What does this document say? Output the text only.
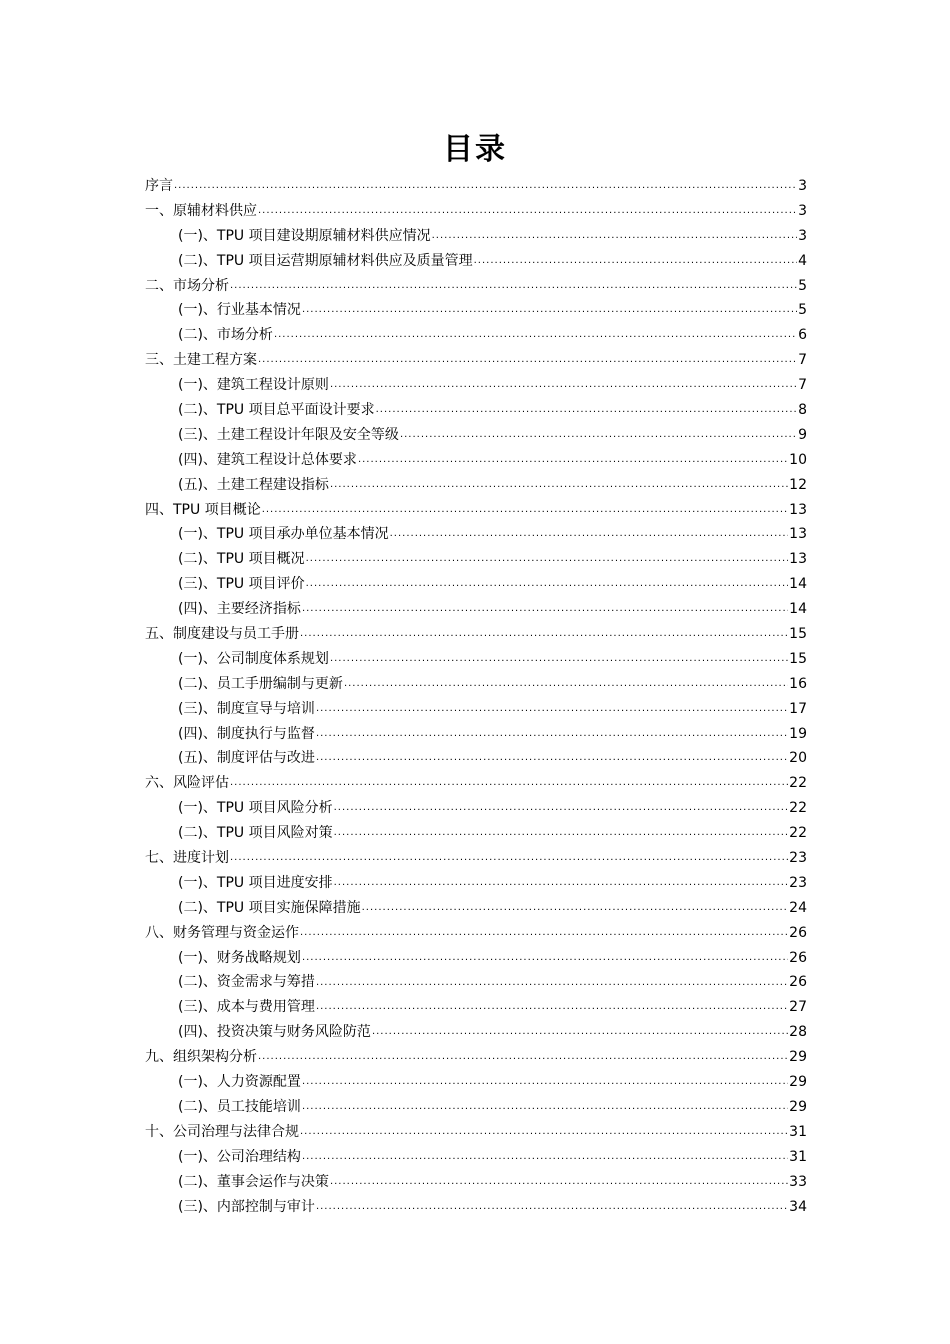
目录
序言 .....	3
一、原辅材料供应 .....	3
(一)、TPU 项目建设期原辅材料供应情况 .....	3
(二)、TPU 项目运营期原辅材料供应及质量管理 .....	4
二、市场分析 .....	5
(一)、行业基本情况 .....	5
(二)、市场分析 .....	6
三、土建工程方案 .....	7
(一)、建筑工程设计原则 .....	7
(二)、TPU 项目总平面设计要求 .....	8
(三)、土建工程设计年限及安全等级 .....	9
(四)、建筑工程设计总体要求 .....	10
(五)、土建工程建设指标 .....	12
四、TPU 项目概论 .....	13
(一)、TPU 项目承办单位基本情况 .....	13
(二)、TPU 项目概况 .....	13
(三)、TPU 项目评价 .....	14
(四)、主要经济指标 .....	14
五、制度建设与员工手册 .....	15
(一)、公司制度体系规划 .....	15
(二)、员工手册编制与更新 .....	16
(三)、制度宣导与培训 .....	17
(四)、制度执行与监督 .....	19
(五)、制度评估与改进 .....	20
六、风险评估 .....	22
(一)、TPU 项目风险分析 .....	22
(二)、TPU 项目风险对策 .....	22
七、进度计划 .....	23
(一)、TPU 项目进度安排 .....	23
(二)、TPU 项目实施保障措施 .....	24
八、财务管理与资金运作 .....	26
(一)、财务战略规划 .....	26
(二)、资金需求与筹措 .....	26
(三)、成本与费用管理 .....	27
(四)、投资决策与财务风险防范 .....	28
九、组织架构分析 .....	29
(一)、人力资源配置 .....	29
(二)、员工技能培训 .....	29
十、公司治理与法律合规 .....	31
(一)、公司治理结构 .....	31
(二)、董事会运作与决策 .....	33
(三)、内部控制与审计 .....	34
